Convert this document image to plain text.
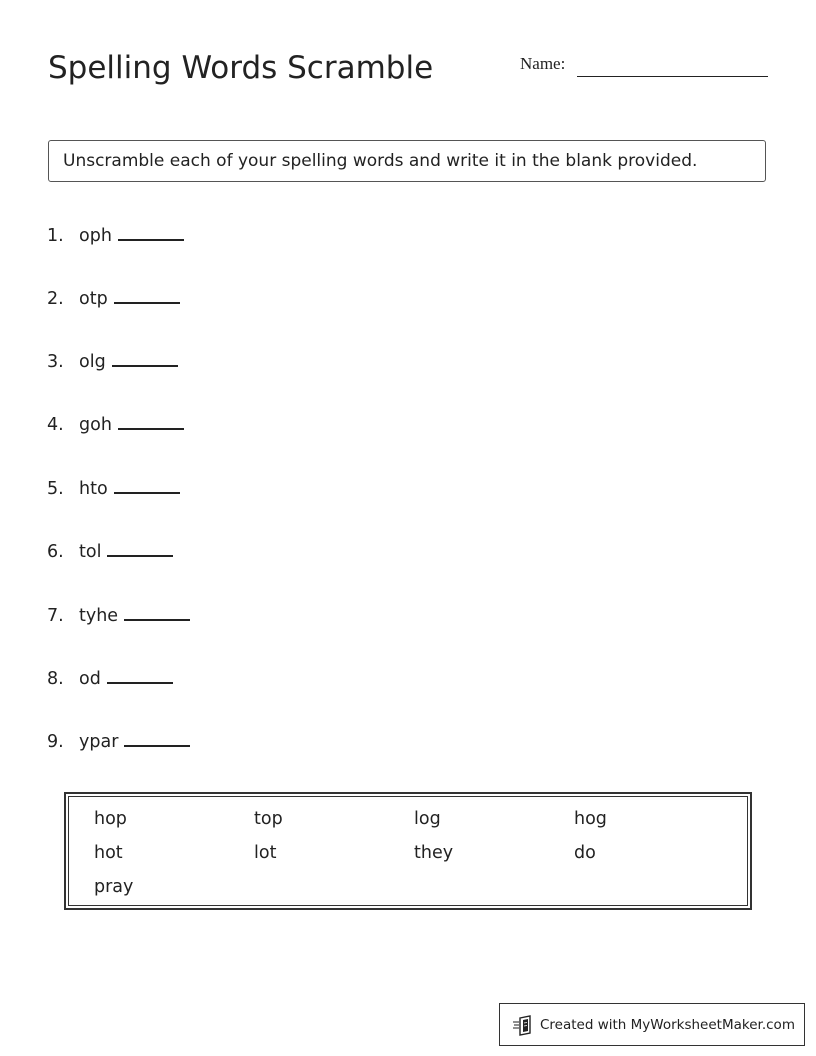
Spelling Words Scramble	Name:
Unscramble each of your spelling words and write it in the blank provided.
1. oph
2. otp
3. olg
4. goh
5. hto
6. tol
7. tyhe
8. od
9. ypar
hop	top	log	hog
hot	lot	they	do
pray
Created with MyWorksheetMaker.com
